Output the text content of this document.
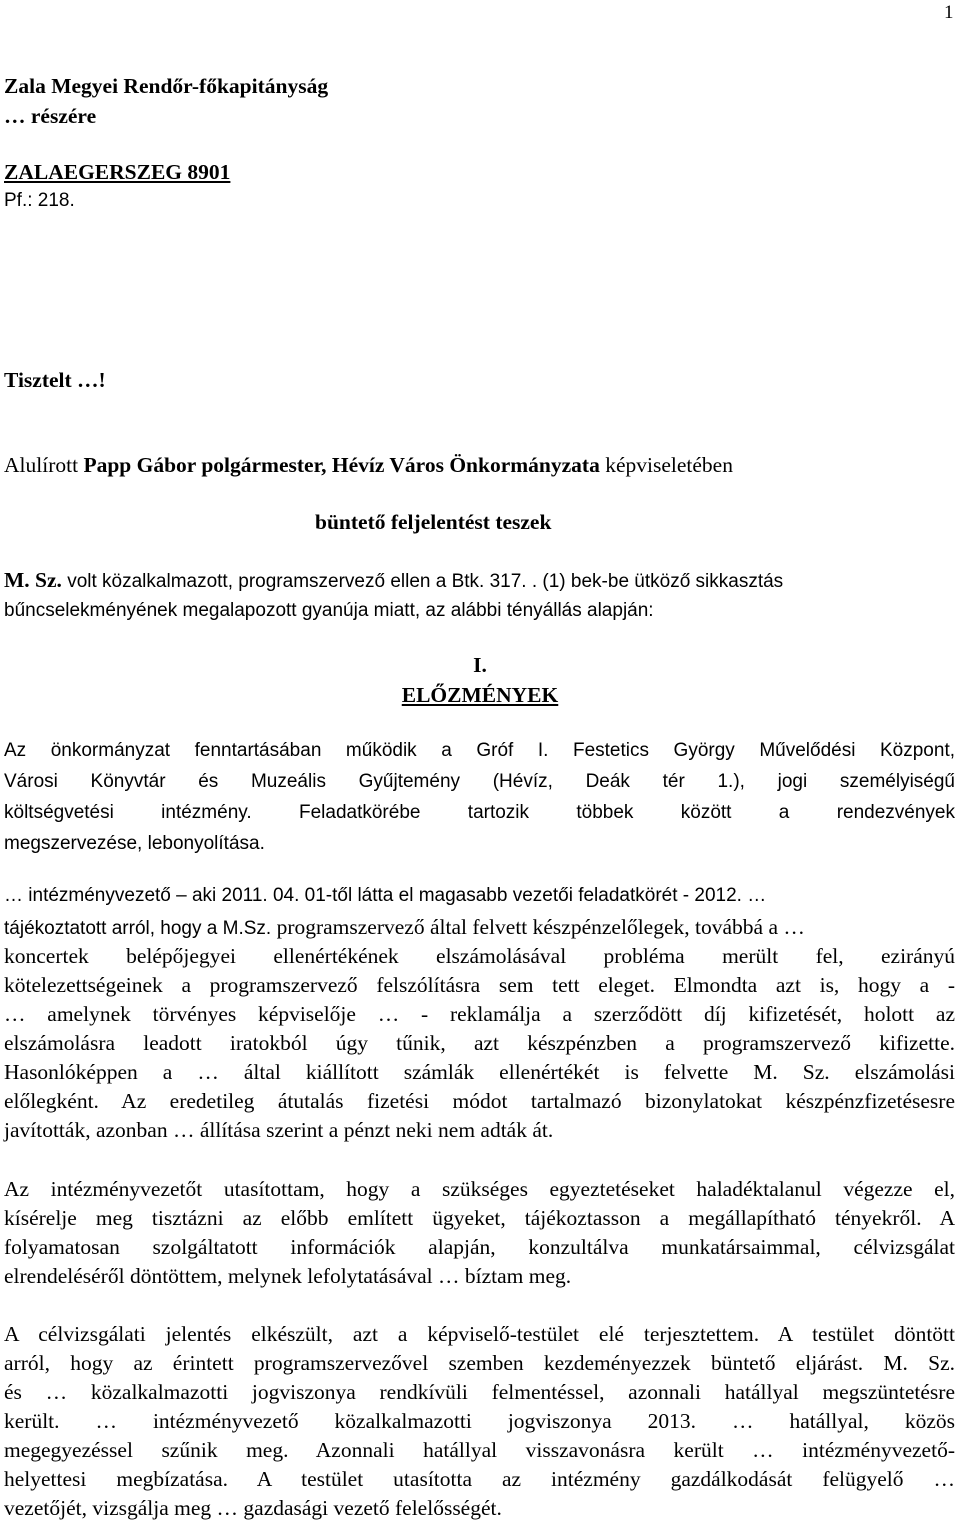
1
Zala Megyei Rendőr-főkapitányság
… részére
ZALAEGERSZEG 8901
Pf.: 218.
Tisztelt …!
Alulírott Papp Gábor polgármester, Hévíz Város Önkormányzata képviseletében
büntető feljelentést teszek
M. Sz. volt közalkalmazott, programszervező ellen a Btk. 317. . (1) bek-be ütköző sikkasztás
bűncselekményének megalapozott gyanúja miatt, az alábbi tényállás alapján:
I.
ELŐZMÉNYEK
Az önkormányzat fenntartásában működik a Gróf I. Festetics György Művelődési Központ,
Városi Könyvtár és Muzeális Gyűjtemény (Hévíz, Deák tér 1.), jogi személyiségű
költségvetési intézmény. Feladatkörébe tartozik többek között a rendezvények
megszervezése, lebonyolítása.
… intézményvezető – aki 2011. 04. 01-től látta el magasabb vezetői feladatkörét - 2012. …
tájékoztatott arról, hogy a M.Sz. programszervező által felvett készpénzelőlegek, továbbá a …
koncertek belépőjegyei ellenértékének elszámolásával probléma merült fel, ezirányú
kötelezettségeinek a programszervező felszólításra sem tett eleget. Elmondta azt is, hogy a -
… amelynek törvényes képviselője … - reklamálja a szerződött díj kifizetését, holott az
elszámolásra leadott iratokból úgy tűnik, azt készpénzben a programszervező kifizette.
Hasonlóképpen a … által kiállított számlák ellenértékét is felvette M. Sz. elszámolási
előlegként. Az eredetileg átutalás fizetési módot tartalmazó bizonylatokat készpénzfizetésesre
javították, azonban … állítása szerint a pénzt neki nem adták át.
Az intézményvezetőt utasítottam, hogy a szükséges egyeztetéseket haladéktalanul végezze el,
kísérelje meg tisztázni az előbb említett ügyeket, tájékoztasson a megállapítható tényekről. A
folyamatosan szolgáltatott információk alapján, konzultálva munkatársaimmal, célvizsgálat
elrendeléséről döntöttem, melynek lefolytatásával … bíztam meg.
A célvizsgálati jelentés elkészült, azt a képviselő-testület elé terjesztettem. A testület döntött
arról, hogy az érintett programszervezővel szemben kezdeményezzek büntető eljárást. M. Sz.
és … közalkalmazotti jogviszonya rendkívüli felmentéssel, azonnali hatállyal megszüntetésre
került. … intézményvezető közalkalmazotti jogviszonya 2013. … hatállyal, közös
megegyezéssel szűnik meg. Azonnali hatállyal visszavonásra került … intézményvezető-
helyettesi megbízatása. A testület utasította az intézmény gazdálkodását felügyelő …
vezetőjét, vizsgálja meg … gazdasági vezető felelősségét.
